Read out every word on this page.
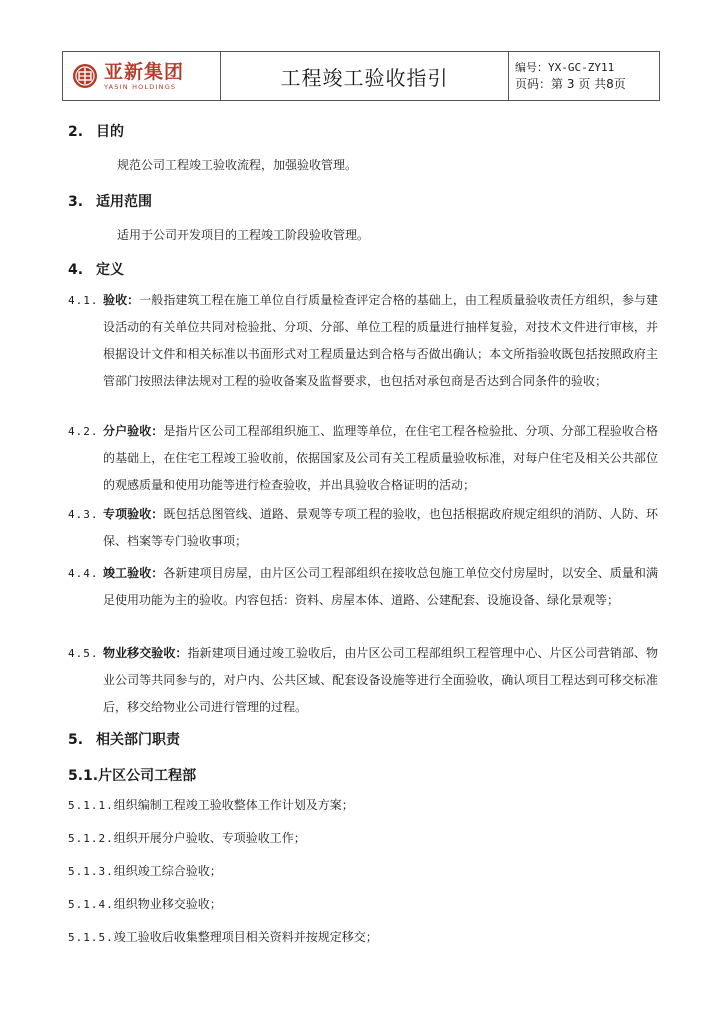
亚新集团
YASIN HOLDINGS	工程竣工验收指引	编号：YX-GC-ZY11
页码：第 3 页 共8页
2. 目的
规范公司工程竣工验收流程，加强验收管理。
3. 适用范围
适用于公司开发项目的工程竣工阶段验收管理。
4. 定义
4.1. 验收：一般指建筑工程在施工单位自行质量检查评定合格的基础上，由工程质量验收责任方组织，参与建设活动的有关单位共同对检验批、分项、分部、单位工程的质量进行抽样复验，对技术文件进行审核，并根据设计文件和相关标准以书面形式对工程质量达到合格与否做出确认；本文所指验收既包括按照政府主管部门按照法律法规对工程的验收备案及监督要求，也包括对承包商是否达到合同条件的验收；
4.2. 分户验收：是指片区公司工程部组织施工、监理等单位，在住宅工程各检验批、分项、分部工程验收合格的基础上，在住宅工程竣工验收前，依据国家及公司有关工程质量验收标准，对每户住宅及相关公共部位的观感质量和使用功能等进行检查验收，并出具验收合格证明的活动；
4.3. 专项验收：既包括总图管线、道路、景观等专项工程的验收，也包括根据政府规定组织的消防、人防、环保、档案等专门验收事项；
4.4. 竣工验收：各新建项目房屋，由片区公司工程部组织在接收总包施工单位交付房屋时，以安全、质量和满足使用功能为主的验收。内容包括：资料、房屋本体、道路、公建配套、设施设备、绿化景观等；
4.5. 物业移交验收：指新建项目通过竣工验收后，由片区公司工程部组织工程管理中心、片区公司营销部、物业公司等共同参与的，对户内、公共区域、配套设备设施等进行全面验收，确认项目工程达到可移交标准后，移交给物业公司进行管理的过程。
5. 相关部门职责
5.1.片区公司工程部
5.1.1.组织编制工程竣工验收整体工作计划及方案；
5.1.2.组织开展分户验收、专项验收工作；
5.1.3.组织竣工综合验收；
5.1.4.组织物业移交验收；
5.1.5.竣工验收后收集整理项目相关资料并按规定移交；
